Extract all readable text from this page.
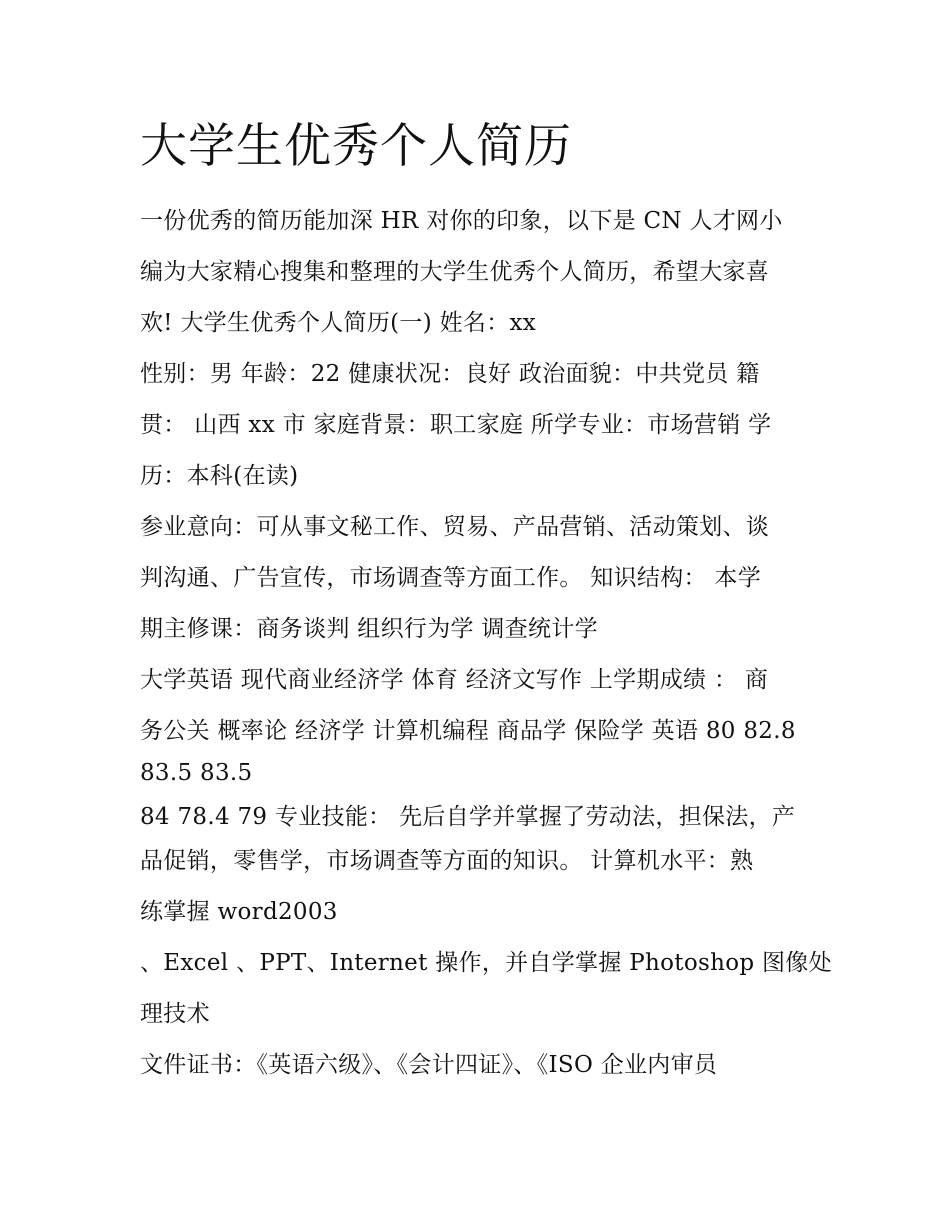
大学生优秀个人简历
一份优秀的简历能加深 HR 对你的印象，以下是 CN 人才网小
编为大家精心搜集和整理的大学生优秀个人简历，希望大家喜
欢! 大学生优秀个人简历(一) 姓名：xx
性别：男 年龄：22 健康状况：良好 政治面貌：中共党员 籍
贯： 山西 xx 市 家庭背景：职工家庭 所学专业：市场营销 学
历：本科(在读)
参业意向：可从事文秘工作、贸易、产品营销、活动策划、谈
判沟通、广告宣传，市场调查等方面工作。 知识结构： 本学
期主修课：商务谈判 组织行为学 调查统计学
大学英语 现代商业经济学 体育 经济文写作 上学期成绩 ： 商
务公关 概率论 经济学 计算机编程 商品学 保险学 英语 80 82.8
83.5 83.5
84 78.4 79 专业技能： 先后自学并掌握了劳动法，担保法，产
品促销，零售学，市场调查等方面的知识。 计算机水平：熟
练掌握 word2003
、Excel 、PPT、Internet 操作，并自学掌握 Photoshop 图像处
理技术
文件证书：《英语六级》、《会计四证》、《ISO 企业内审员
